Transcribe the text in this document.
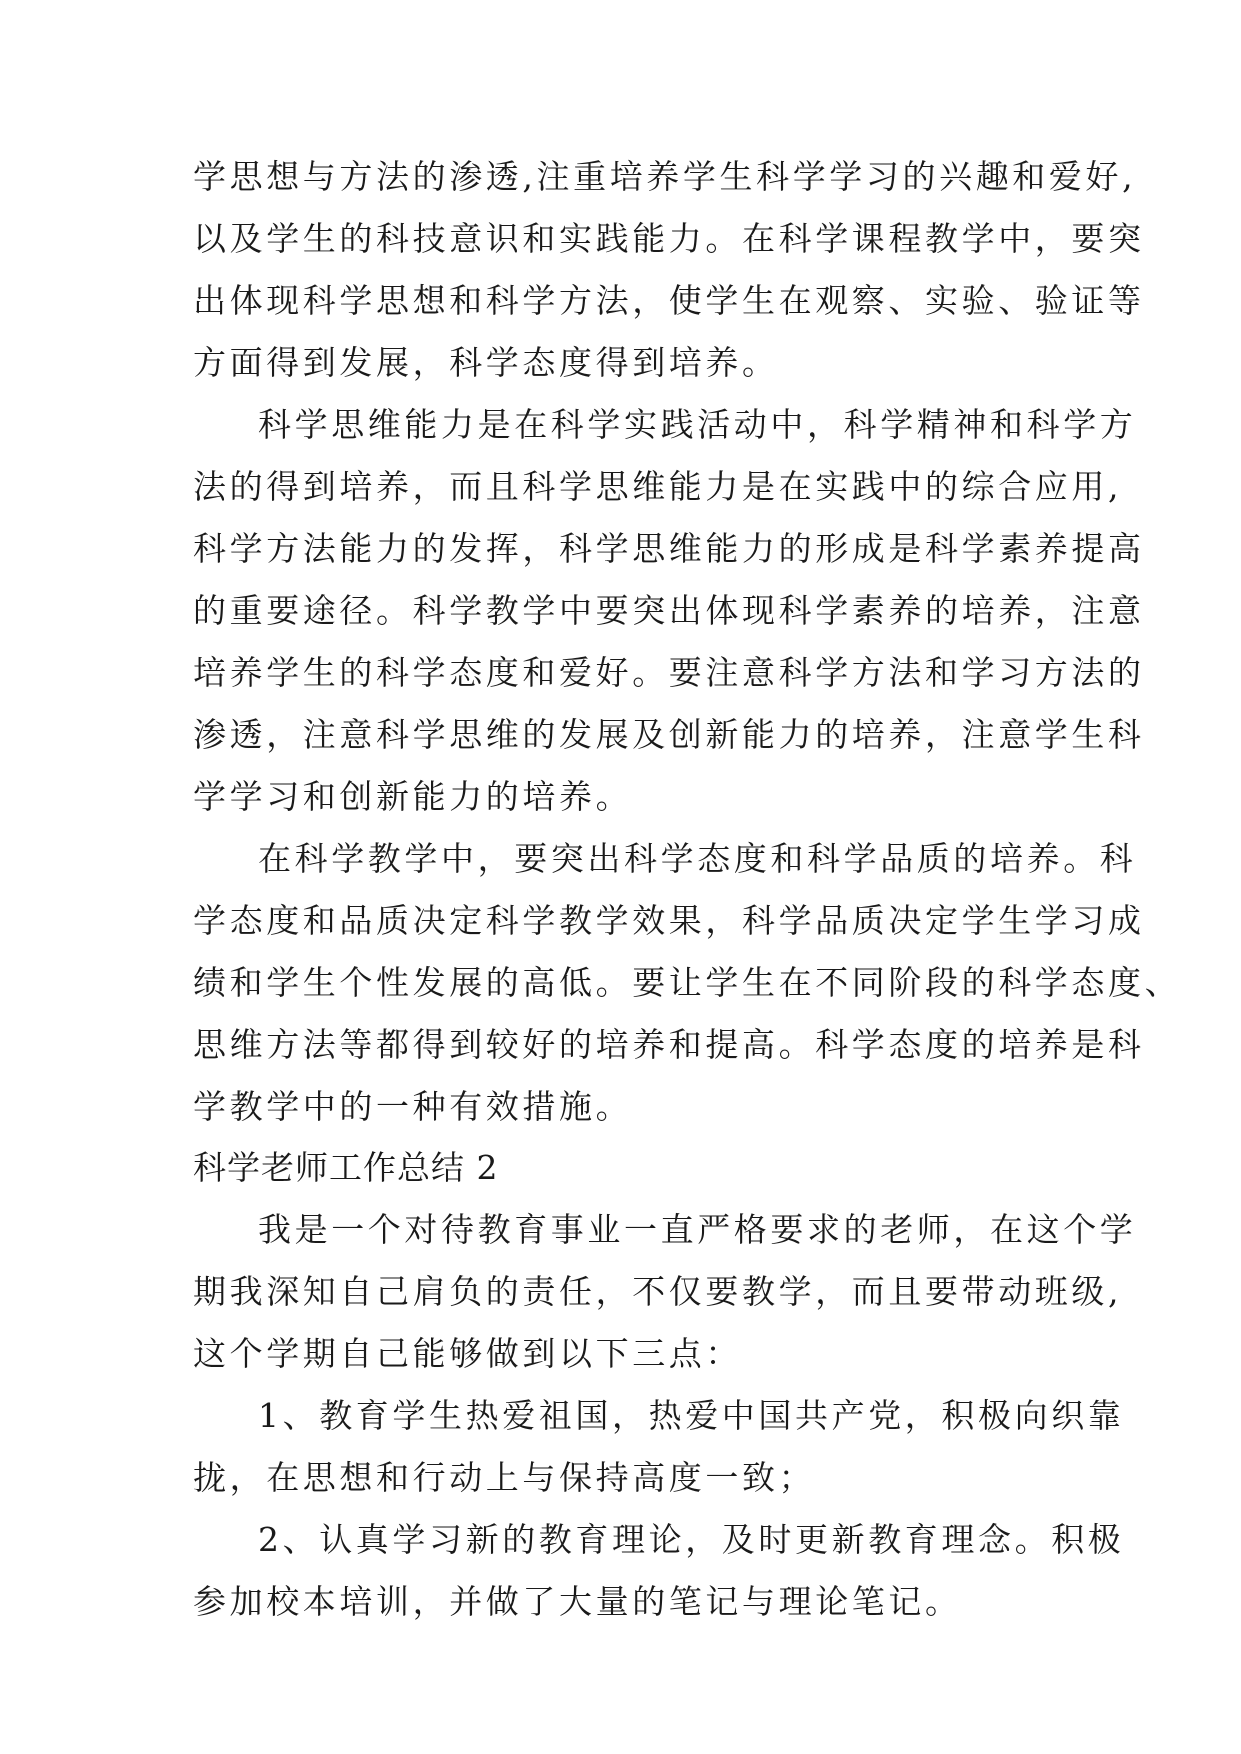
学思想与方法的渗透,注重培养学生科学学习的兴趣和爱好,
以及学生的科技意识和实践能力。在科学课程教学中，要突
出体现科学思想和科学方法，使学生在观察、实验、验证等
方面得到发展，科学态度得到培养。
科学思维能力是在科学实践活动中，科学精神和科学方
法的得到培养，而且科学思维能力是在实践中的综合应用,
科学方法能力的发挥，科学思维能力的形成是科学素养提高
的重要途径。科学教学中要突出体现科学素养的培养，注意
培养学生的科学态度和爱好。要注意科学方法和学习方法的
渗透，注意科学思维的发展及创新能力的培养，注意学生科
学学习和创新能力的培养。
在科学教学中，要突出科学态度和科学品质的培养。科
学态度和品质决定科学教学效果，科学品质决定学生学习成
绩和学生个性发展的高低。要让学生在不同阶段的科学态度、
思维方法等都得到较好的培养和提高。科学态度的培养是科
学教学中的一种有效措施。
科学老师工作总结 2
我是一个对待教育事业一直严格要求的老师，在这个学
期我深知自己肩负的责任，不仅要教学，而且要带动班级,
这个学期自己能够做到以下三点：
1、教育学生热爱祖国，热爱中国共产党，积极向织靠
拢，在思想和行动上与保持高度一致；
2、认真学习新的教育理论，及时更新教育理念。积极
参加校本培训，并做了大量的笔记与理论笔记。
